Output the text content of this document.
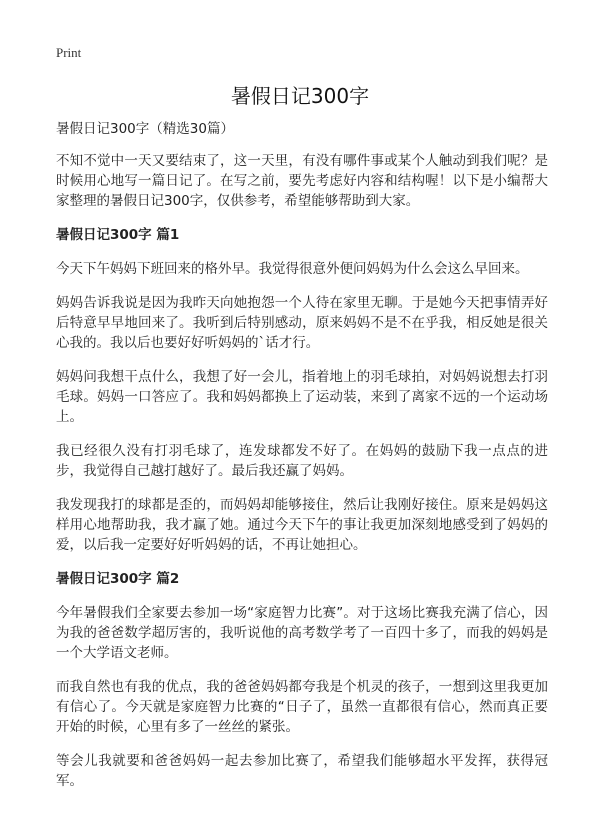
Print
暑假日记300字
暑假日记300字（精选30篇）

不知不觉中一天又要结束了，这一天里，有没有哪件事或某个人触动到我们呢？是时候用心地写一篇日记了。在写之前，要先考虑好内容和结构喔！以下是小编帮大家整理的暑假日记300字，仅供参考，希望能够帮助到大家。

暑假日记300字 篇1

今天下午妈妈下班回来的格外早。我觉得很意外便问妈妈为什么会这么早回来。

妈妈告诉我说是因为我昨天向她抱怨一个人待在家里无聊。于是她今天把事情弄好后特意早早地回来了。我听到后特别感动，原来妈妈不是不在乎我，相反她是很关心我的。我以后也要好好听妈妈的`话才行。

妈妈问我想干点什么，我想了好一会儿，指着地上的羽毛球拍，对妈妈说想去打羽毛球。妈妈一口答应了。我和妈妈都换上了运动装，来到了离家不远的一个运动场上。

我已经很久没有打羽毛球了，连发球都发不好了。在妈妈的鼓励下我一点点的进步，我觉得自己越打越好了。最后我还赢了妈妈。

我发现我打的球都是歪的，而妈妈却能够接住，然后让我刚好接住。原来是妈妈这样用心地帮助我，我才赢了她。通过今天下午的事让我更加深刻地感受到了妈妈的爱，以后我一定要好好听妈妈的话，不再让她担心。

暑假日记300字 篇2

今年暑假我们全家要去参加一场“家庭智力比赛”。对于这场比赛我充满了信心，因为我的爸爸数学超厉害的，我听说他的高考数学考了一百四十多了，而我的妈妈是一个大学语文老师。

而我自然也有我的优点，我的爸爸妈妈都夸我是个机灵的孩子，一想到这里我更加有信心了。今天就是家庭智力比赛的“日子了，虽然一直都很有信心，然而真正要开始的时候，心里有多了一丝丝的紧张。

等会儿我就要和爸爸妈妈一起去参加比赛了，希望我们能够超水平发挥，获得冠军。
